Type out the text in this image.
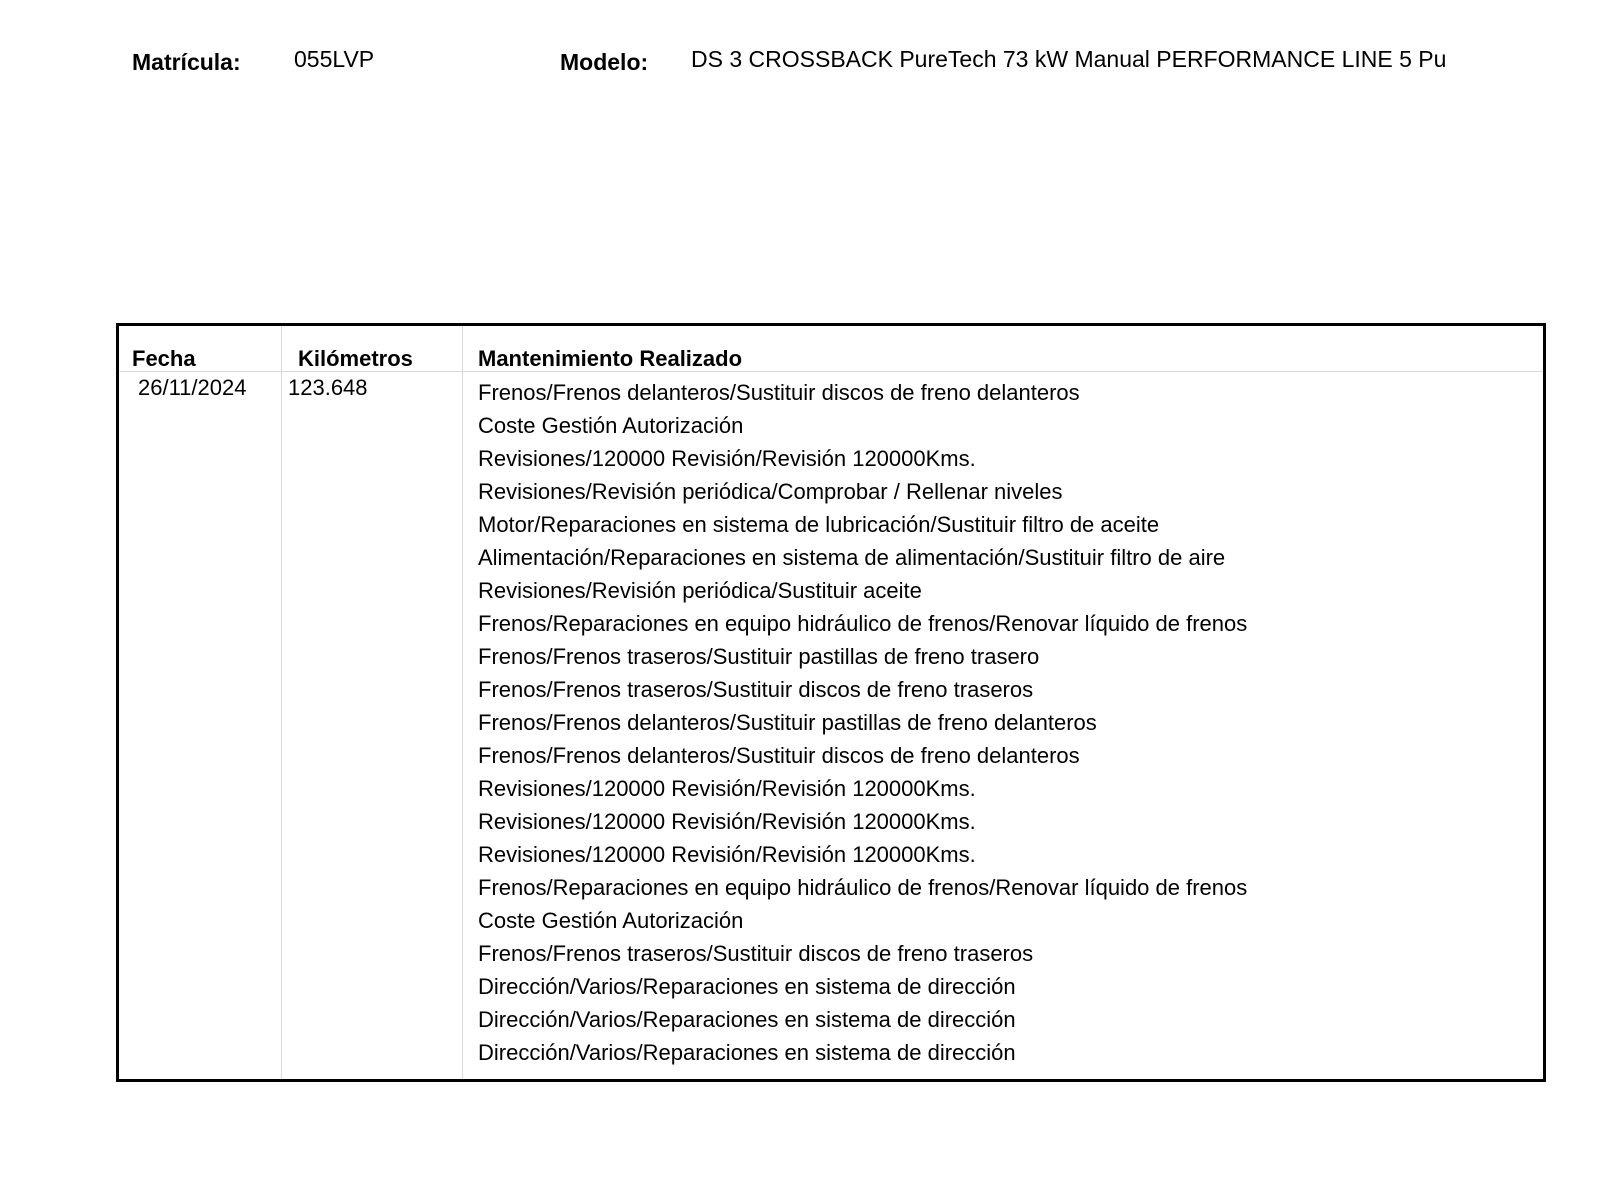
Matrícula: 055LVP	Modelo: DS 3 CROSSBACK PureTech 73 kW Manual PERFORMANCE LINE 5 Pu
Fecha	Kilómetros	Mantenimiento Realizado
26/11/2024 123.648	Frenos/Frenos delanteros/Sustituir discos de freno delanteros
Coste Gestión Autorización
Revisiones/120000 Revisión/Revisión 120000Kms.
Revisiones/Revisión periódica/Comprobar / Rellenar niveles
Motor/Reparaciones en sistema de lubricación/Sustituir filtro de aceite
Alimentación/Reparaciones en sistema de alimentación/Sustituir filtro de aire
Revisiones/Revisión periódica/Sustituir aceite
Frenos/Reparaciones en equipo hidráulico de frenos/Renovar líquido de frenos
Frenos/Frenos traseros/Sustituir pastillas de freno trasero
Frenos/Frenos traseros/Sustituir discos de freno traseros
Frenos/Frenos delanteros/Sustituir pastillas de freno delanteros
Frenos/Frenos delanteros/Sustituir discos de freno delanteros
Revisiones/120000 Revisión/Revisión 120000Kms.
Revisiones/120000 Revisión/Revisión 120000Kms.
Revisiones/120000 Revisión/Revisión 120000Kms.
Frenos/Reparaciones en equipo hidráulico de frenos/Renovar líquido de frenos
Coste Gestión Autorización
Frenos/Frenos traseros/Sustituir discos de freno traseros
Dirección/Varios/Reparaciones en sistema de dirección
Dirección/Varios/Reparaciones en sistema de dirección
Dirección/Varios/Reparaciones en sistema de dirección
